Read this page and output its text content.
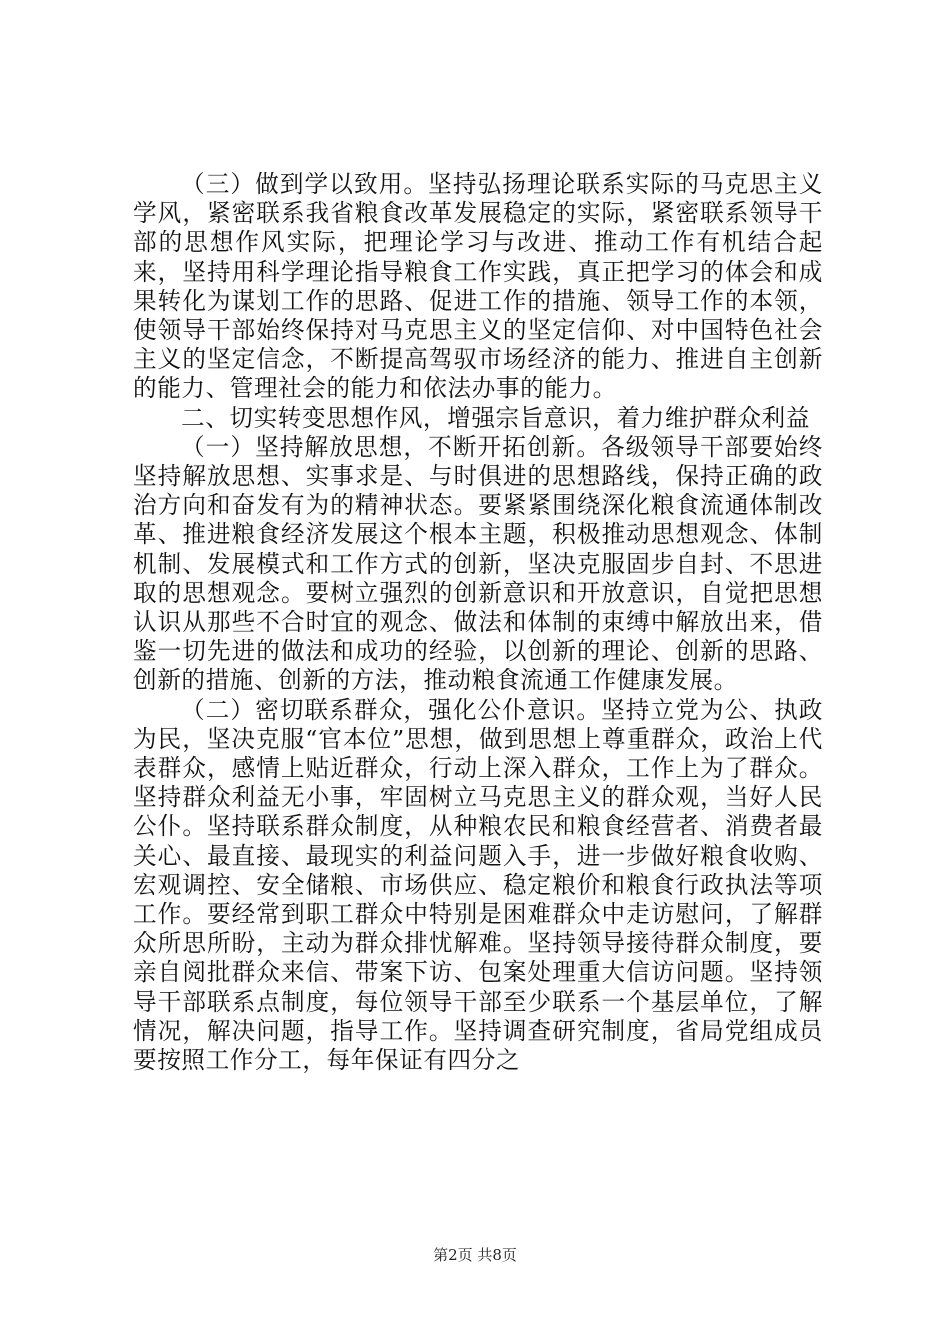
（三）做到学以致用。坚持弘扬理论联系实际的马克思主义学风，紧密联系我省粮食改革发展稳定的实际，紧密联系领导干部的思想作风实际，把理论学习与改进、推动工作有机结合起来，坚持用科学理论指导粮食工作实践，真正把学习的体会和成果转化为谋划工作的思路、促进工作的措施、领导工作的本领，使领导干部始终保持对马克思主义的坚定信仰、对中国特色社会主义的坚定信念，不断提高驾驭市场经济的能力、推进自主创新的能力、管理社会的能力和依法办事的能力。

二、切实转变思想作风，增强宗旨意识，着力维护群众利益

（一）坚持解放思想，不断开拓创新。各级领导干部要始终坚持解放思想、实事求是、与时俱进的思想路线，保持正确的政治方向和奋发有为的精神状态。要紧紧围绕深化粮食流通体制改革、推进粮食经济发展这个根本主题，积极推动思想观念、体制机制、发展模式和工作方式的创新，坚决克服固步自封、不思进取的思想观念。要树立强烈的创新意识和开放意识，自觉把思想认识从那些不合时宜的观念、做法和体制的束缚中解放出来，借鉴一切先进的做法和成功的经验，以创新的理论、创新的思路、创新的措施、创新的方法，推动粮食流通工作健康发展。

（二）密切联系群众，强化公仆意识。坚持立党为公、执政为民，坚决克服“官本位”思想，做到思想上尊重群众，政治上代表群众，感情上贴近群众，行动上深入群众，工作上为了群众。坚持群众利益无小事，牢固树立马克思主义的群众观，当好人民公仆。坚持联系群众制度，从种粮农民和粮食经营者、消费者最关心、最直接、最现实的利益问题入手，进一步做好粮食收购、宏观调控、安全储粮、市场供应、稳定粮价和粮食行政执法等项工作。要经常到职工群众中特别是困难群众中走访慰问，了解群众所思所盼，主动为群众排忧解难。坚持领导接待群众制度，要亲自阅批群众来信、带案下访、包案处理重大信访问题。坚持领导干部联系点制度，每位领导干部至少联系一个基层单位，了解情况，解决问题，指导工作。坚持调查研究制度，省局党组成员要按照工作分工，每年保证有四分之

第2页 共8页
